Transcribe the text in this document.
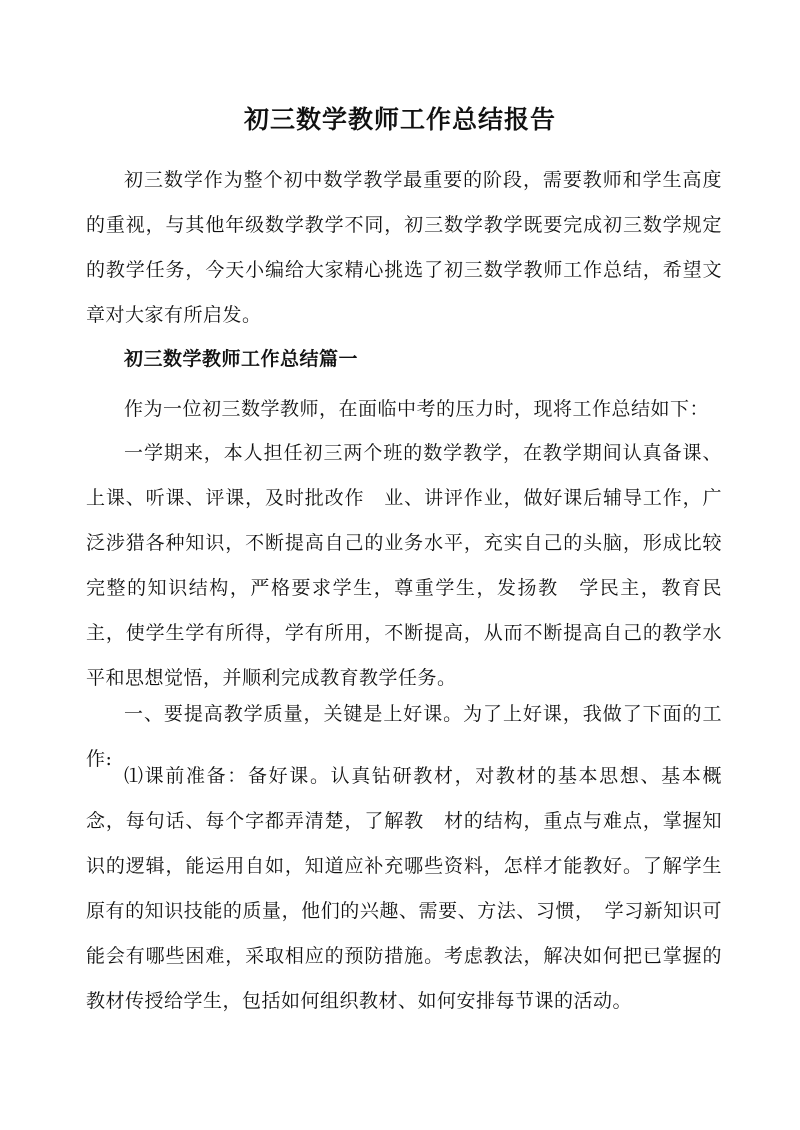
初三数学教师工作总结报告

初三数学作为整个初中数学教学最重要的阶段，需要教师和学生高度的重视，与其他年级数学教学不同，初三数学教学既要完成初三数学规定的教学任务，今天小编给大家精心挑选了初三数学教师工作总结，希望文章对大家有所启发。

初三数学教师工作总结篇一

作为一位初三数学教师，在面临中考的压力时，现将工作总结如下：

一学期来，本人担任初三两个班的数学教学，在教学期间认真备课、上课、听课、评课，及时批改作　业、讲评作业，做好课后辅导工作，广泛涉猎各种知识，不断提高自己的业务水平，充实自己的头脑，形成比较完整的知识结构，严格要求学生，尊重学生，发扬教　学民主，教育民主，使学生学有所得，学有所用，不断提高，从而不断提高自己的教学水平和思想觉悟，并顺利完成教育教学任务。

一、要提高教学质量，关键是上好课。为了上好课，我做了下面的工作:

⑴课前准备：备好课。认真钻研教材，对教材的基本思想、基本概念，每句话、每个字都弄清楚，了解教　材的结构，重点与难点，掌握知识的逻辑，能运用自如，知道应补充哪些资料，怎样才能教好。了解学生原有的知识技能的质量，他们的兴趣、需要、方法、习惯，　学习新知识可能会有哪些困难，采取相应的预防措施。考虑教法，解决如何把已掌握的教材传授给学生，包括如何组织教材、如何安排每节课的活动。
